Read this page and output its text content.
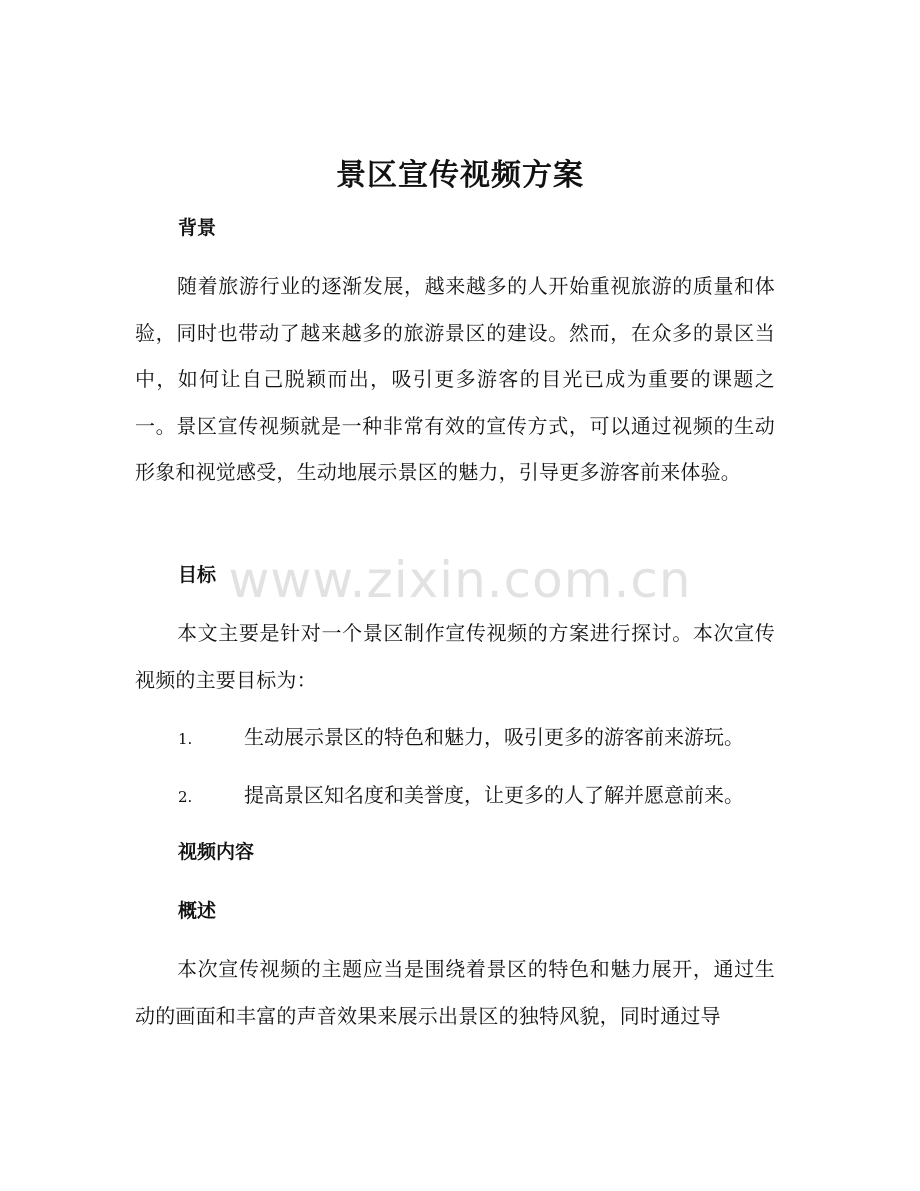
景区宣传视频方案
背景
随着旅游行业的逐渐发展，越来越多的人开始重视旅游的质量和体验，同时也带动了越来越多的旅游景区的建设。然而，在众多的景区当中，如何让自己脱颖而出，吸引更多游客的目光已成为重要的课题之一。景区宣传视频就是一种非常有效的宣传方式，可以通过视频的生动形象和视觉感受，生动地展示景区的魅力，引导更多游客前来体验。
目标
本文主要是针对一个景区制作宣传视频的方案进行探讨。本次宣传视频的主要目标为：
1.	生动展示景区的特色和魅力，吸引更多的游客前来游玩。
2.	提高景区知名度和美誉度，让更多的人了解并愿意前来。
视频内容
概述
本次宣传视频的主题应当是围绕着景区的特色和魅力展开，通过生动的画面和丰富的声音效果来展示出景区的独特风貌，同时通过导
www.zixin.com.cn
